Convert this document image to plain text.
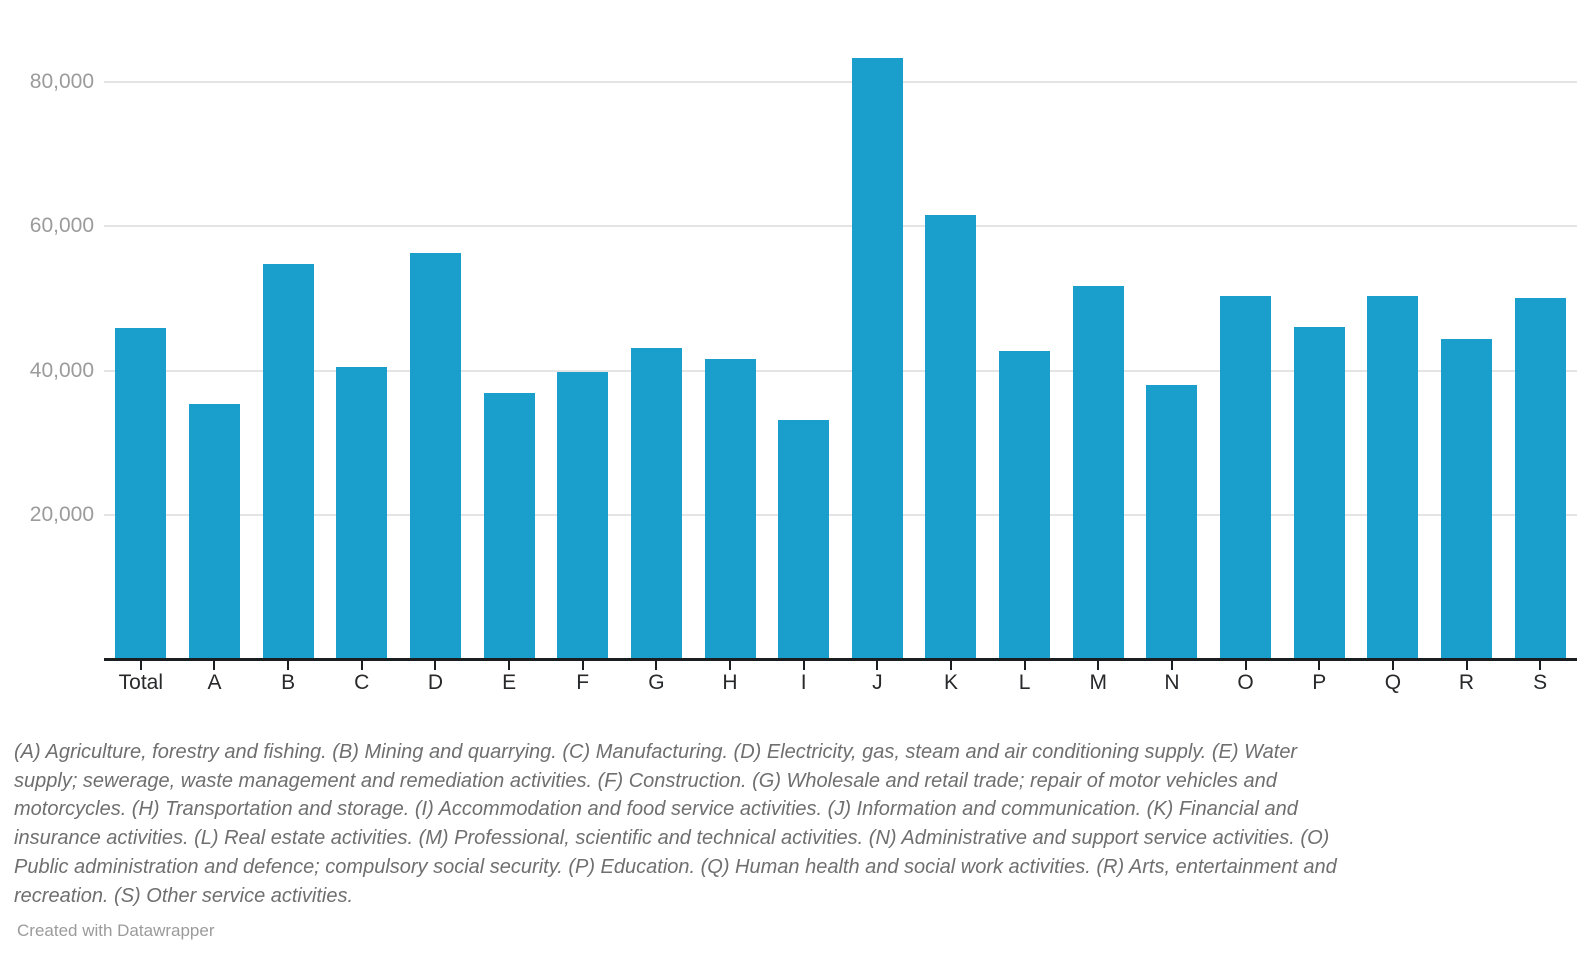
20,000
40,000
60,000
80,000
Total	A	B	C	D	E	F	G	H	I	J	K	L	M	N	O	P	Q	R	S
(A) Agriculture, forestry and fishing. (B) Mining and quarrying. (C) Manufacturing. (D) Electricity, gas, steam and air conditioning supply. (E) Water
supply; sewerage, waste management and remediation activities. (F) Construction. (G) Wholesale and retail trade; repair of motor vehicles and
motorcycles. (H) Transportation and storage. (I) Accommodation and food service activities. (J) Information and communication. (K) Financial and
insurance activities. (L) Real estate activities. (M) Professional, scientific and technical activities. (N) Administrative and support service activities. (O)
Public administration and defence; compulsory social security. (P) Education. (Q) Human health and social work activities. (R) Arts, entertainment and
recreation. (S) Other service activities.
Created with Datawrapper
